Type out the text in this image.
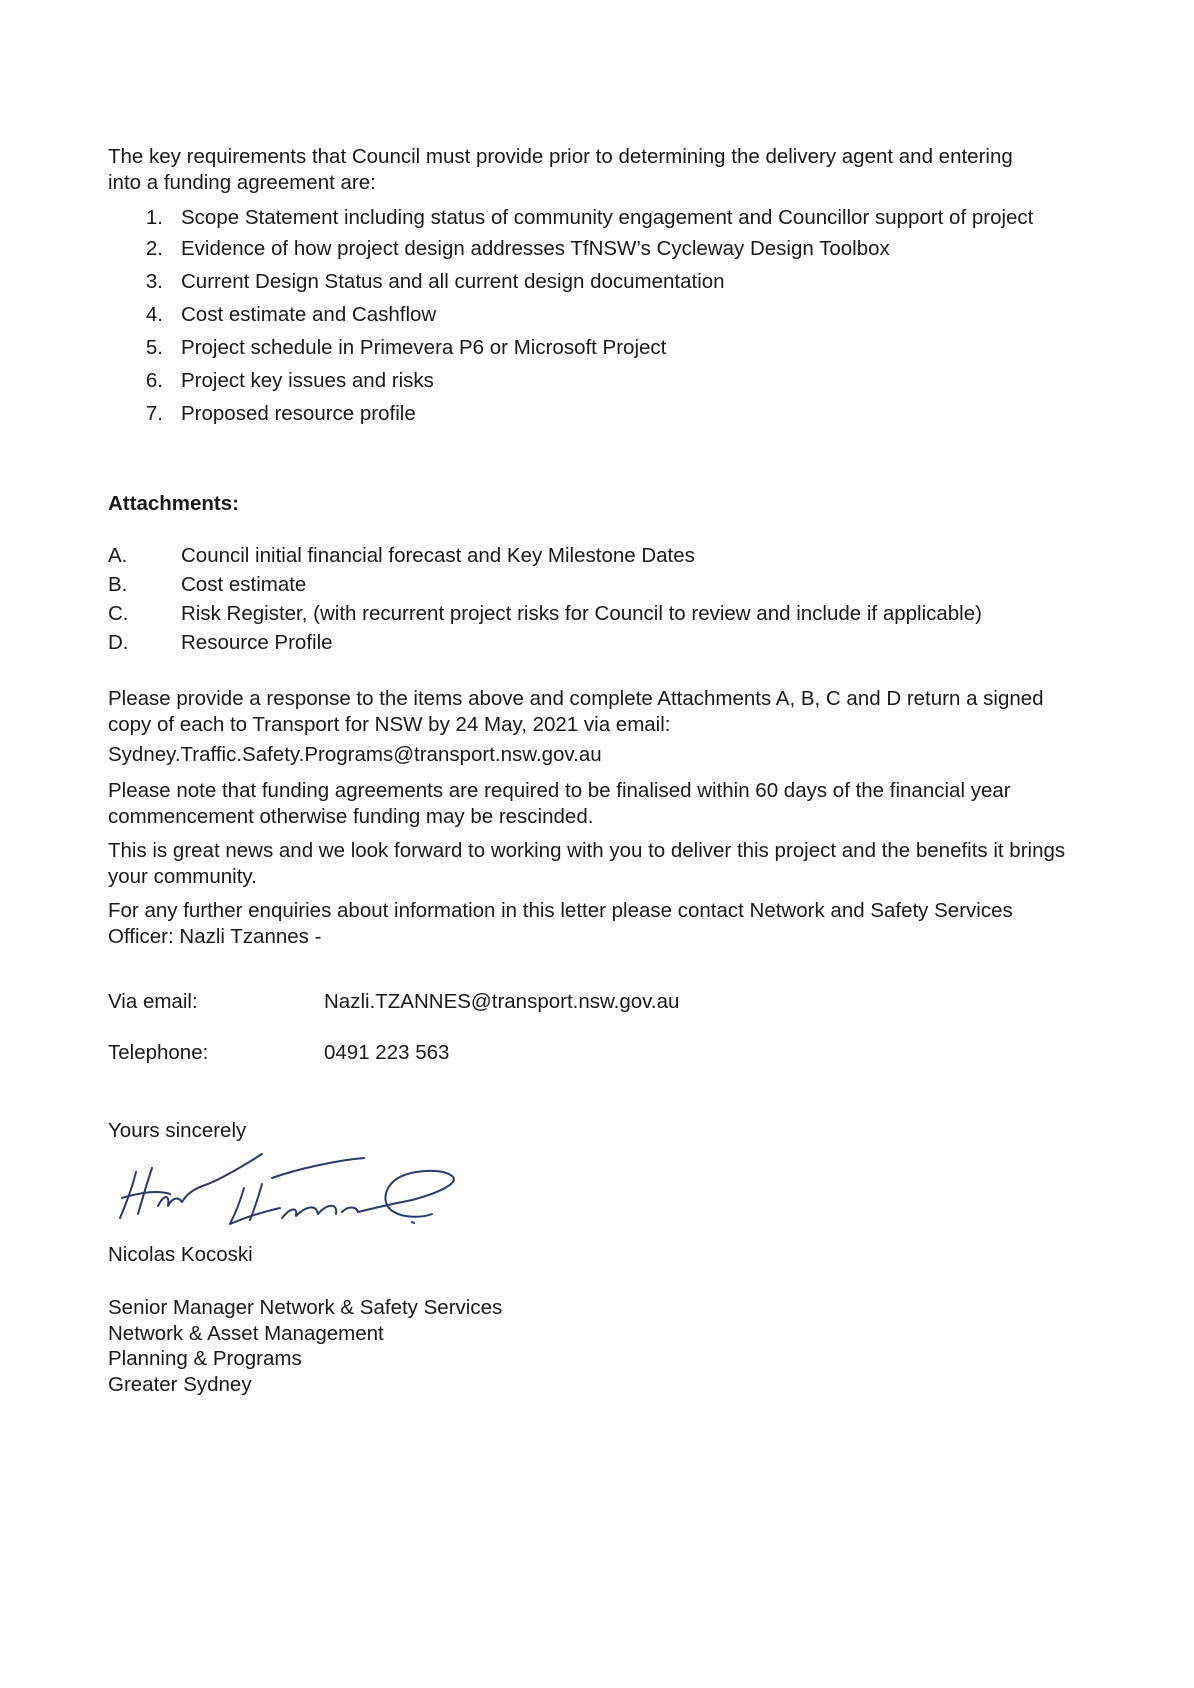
The key requirements that Council must provide prior to determining the delivery agent and entering into a funding agreement are:

1. Scope Statement including status of community engagement and Councillor support of project
2. Evidence of how project design addresses TfNSW’s Cycleway Design Toolbox
3. Current Design Status and all current design documentation
4. Cost estimate and Cashflow
5. Project schedule in Primevera P6 or Microsoft Project
6. Project key issues and risks
7. Proposed resource profile

Attachments:

A.	Council initial financial forecast and Key Milestone Dates
B.	Cost estimate
C.	Risk Register, (with recurrent project risks for Council to review and include if applicable)
D.	Resource Profile

Please provide a response to the items above and complete Attachments A, B, C and D return a signed copy of each to Transport for NSW by 24 May, 2021 via email:

Sydney.Traffic.Safety.Programs@transport.nsw.gov.au

Please note that funding agreements are required to be finalised within 60 days of the financial year commencement otherwise funding may be rescinded.

This is great news and we look forward to working with you to deliver this project and the benefits it brings your community.

For any further enquiries about information in this letter please contact Network and Safety Services Officer: Nazli Tzannes -

Via email:	Nazli.TZANNES@transport.nsw.gov.au
Telephone:	0491 223 563

Yours sincerely

Nicolas Kocoski

Senior Manager Network & Safety Services

Network & Asset Management

Planning & Programs

Greater Sydney
